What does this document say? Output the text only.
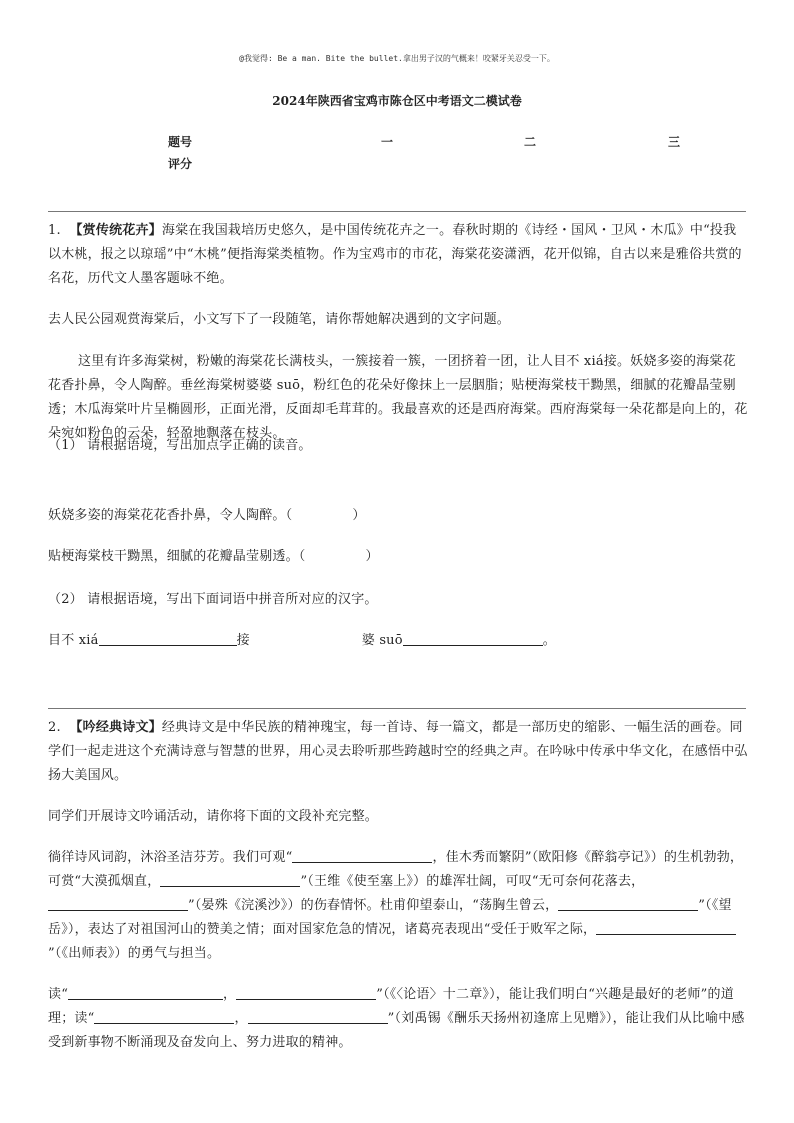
@我觉得: Be a man. Bite the bullet.拿出男子汉的气概来！咬紧牙关忍受一下。
2024年陕西省宝鸡市陈仓区中考语文二模试卷
题号	一	二	三
评分
1. 【赏传统花卉】海棠在我国栽培历史悠久，是中国传统花卉之一。春秋时期的《诗经・国风・卫风・木瓜》中“投我以木桃，报之以琼瑶”中“木桃”便指海棠类植物。作为宝鸡市的市花，海棠花姿潇洒，花开似锦，自古以来是雅俗共赏的名花，历代文人墨客题咏不绝。
去人民公园观赏海棠后，小文写下了一段随笔，请你帮她解决遇到的文字问题。
这里有许多海棠树，粉嫩的海棠花长满枝头，一簇接着一簇，一团挤着一团，让人目不 xiá接。妖娆多姿的海棠花花香扑鼻，令人陶醉。垂丝海棠树婆婆 suō，粉红色的花朵好像抹上一层胭脂；贴梗海棠枝干黝黑，细腻的花瓣晶莹剔透；木瓜海棠叶片呈椭圆形，正面光滑，反面却毛茸茸的。我最喜欢的还是西府海棠。西府海棠每一朵花都是向上的，花朵宛如粉色的云朵，轻盈地飘落在枝头。
（1） 请根据语境，写出加点字正确的读音。
妖娆多姿的海棠花花香扑鼻，令人陶醉。（	）
贴梗海棠枝干黝黑，细腻的花瓣晶莹剔透。（	）
（2） 请根据语境，写出下面词语中拼音所对应的汉字。
目不 xiá	接	婆 suō	。
2. 【吟经典诗文】经典诗文是中华民族的精神瑰宝，每一首诗、每一篇文，都是一部历史的缩影、一幅生活的画卷。同学们一起走进这个充满诗意与智慧的世界，用心灵去聆听那些跨越时空的经典之声。在吟咏中传承中华文化，在感悟中弘扬大美国风。
同学们开展诗文吟诵活动，请你将下面的文段补充完整。
徜徉诗风词韵，沐浴圣洁芬芳。我们可观“	，佳木秀而繁阴”（欧阳修《醉翁亭记》）的生机勃勃，可赏“大漠孤烟直，	”（王维《使至塞上》）的雄浑壮阔，可叹“无可奈何花落去，”（晏殊《浣溪沙》）的伤春情怀。杜甫仰望泰山，“荡胸生曾云，	”（《望岳》），表达了对祖国河山的赞美之情；面对国家危急的情况，诸葛亮表现出“受任于败军之际，”（《出师表》）的勇气与担当。
读“	，	”（《〈论语〉十二章》），能让我们明白“兴趣是最好的老师”的道理；读“	，	”（刘禹锡《酬乐天扬州初逢席上见赠》），能让我们从比喻中感受到新事物不断涌现及奋发向上、努力进取的精神。
